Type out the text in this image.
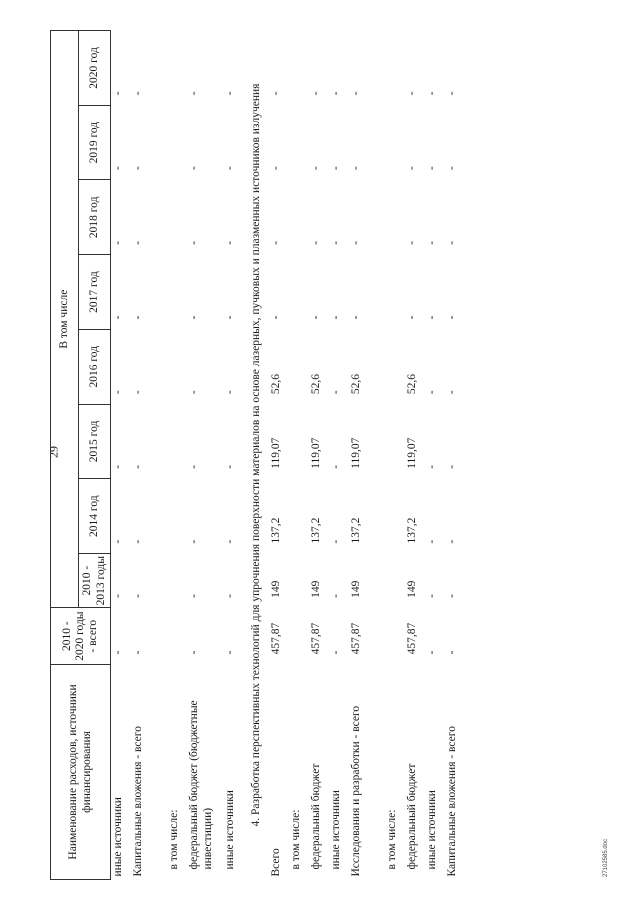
29
27102585.doc
Наименование расходов, источники финансирования	2010 - 2020 годы - всего	В том числе							
		2010 - 2013 годы	2014 год	2015 год	2016 год	2017 год	2018 год	2019 год	2020 год
иные источники	-	-	-	-	-	-	-	-	-
Капитальные вложения - всего	-	-	-	-	-	-	-	-	-
в том числе:									
федеральный бюджет (бюджетные инвестиции)	-	-	-	-	-	-	-	-	-
иные источники	-	-	-	-	-	-	-	-	-
4. Разработка перспективных технологий для упрочнения поверхности материалов на основе лазерных, пучковых и плазменных источников излучения									
Всего	457,87	149	137,2	119,07	52,6	-	-	-	-
в том числе:									
федеральный бюджет	457,87	149	137,2	119,07	52,6	-	-	-	-
иные источники	-	-	-	-	-	-	-	-	-
Исследования и разработки - всего	457,87	149	137,2	119,07	52,6	-	-	-	-
в том числе:									
федеральный бюджет	457,87	149	137,2	119,07	52,6	-	-	-	-
иные источники	-	-	-	-	-	-	-	-	-
Капитальные вложения - всего	-	-	-	-	-	-	-	-	-
